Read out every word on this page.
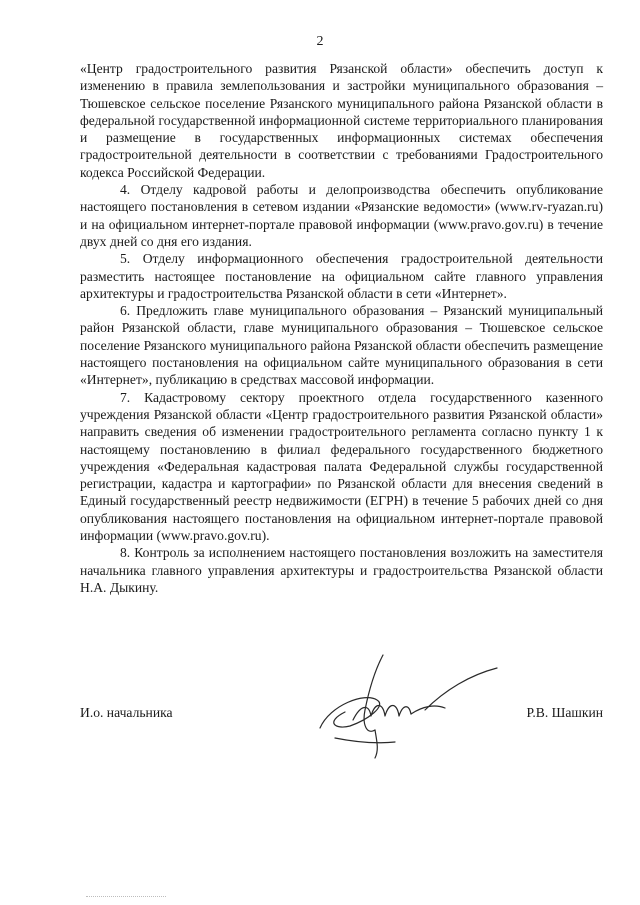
2

«Центр градостроительного развития Рязанской области» обеспечить доступ к изменению в правила землепользования и застройки муниципального образования – Тюшевское сельское поселение Рязанского муниципального района Рязанской области в федеральной государственной информационной системе территориального планирования и размещение в государственных информационных системах обеспечения градостроительной деятельности в соответствии с требованиями Градостроительного кодекса Российской Федерации.

4. Отделу кадровой работы и делопроизводства обеспечить опубликование настоящего постановления в сетевом издании «Рязанские ведомости» (www.rv-ryazan.ru) и на официальном интернет-портале правовой информации (www.pravo.gov.ru) в течение двух дней со дня его издания.

5. Отделу информационного обеспечения градостроительной деятельности разместить настоящее постановление на официальном сайте главного управления архитектуры и градостроительства Рязанской области в сети «Интернет».

6. Предложить главе муниципального образования – Рязанский муниципальный район Рязанской области, главе муниципального образования – Тюшевское сельское поселение Рязанского муниципального района Рязанской области обеспечить размещение настоящего постановления на официальном сайте муниципального образования в сети «Интернет», публикацию в средствах массовой информации.

7. Кадастровому сектору проектного отдела государственного казенного учреждения Рязанской области «Центр градостроительного развития Рязанской области» направить сведения об изменении градостроительного регламента согласно пункту 1 к настоящему постановлению в филиал федерального государственного бюджетного учреждения «Федеральная кадастровая палата Федеральной службы государственной регистрации, кадастра и картографии» по Рязанской области для внесения сведений в Единый государственный реестр недвижимости (ЕГРН) в течение 5 рабочих дней со дня опубликования настоящего постановления на официальном интернет-портале правовой информации (www.pravo.gov.ru).

8. Контроль за исполнением настоящего постановления возложить на заместителя начальника главного управления архитектуры и градостроительства Рязанской области Н.А. Дыкину.

И.о. начальника	Р.В. Шашкин
